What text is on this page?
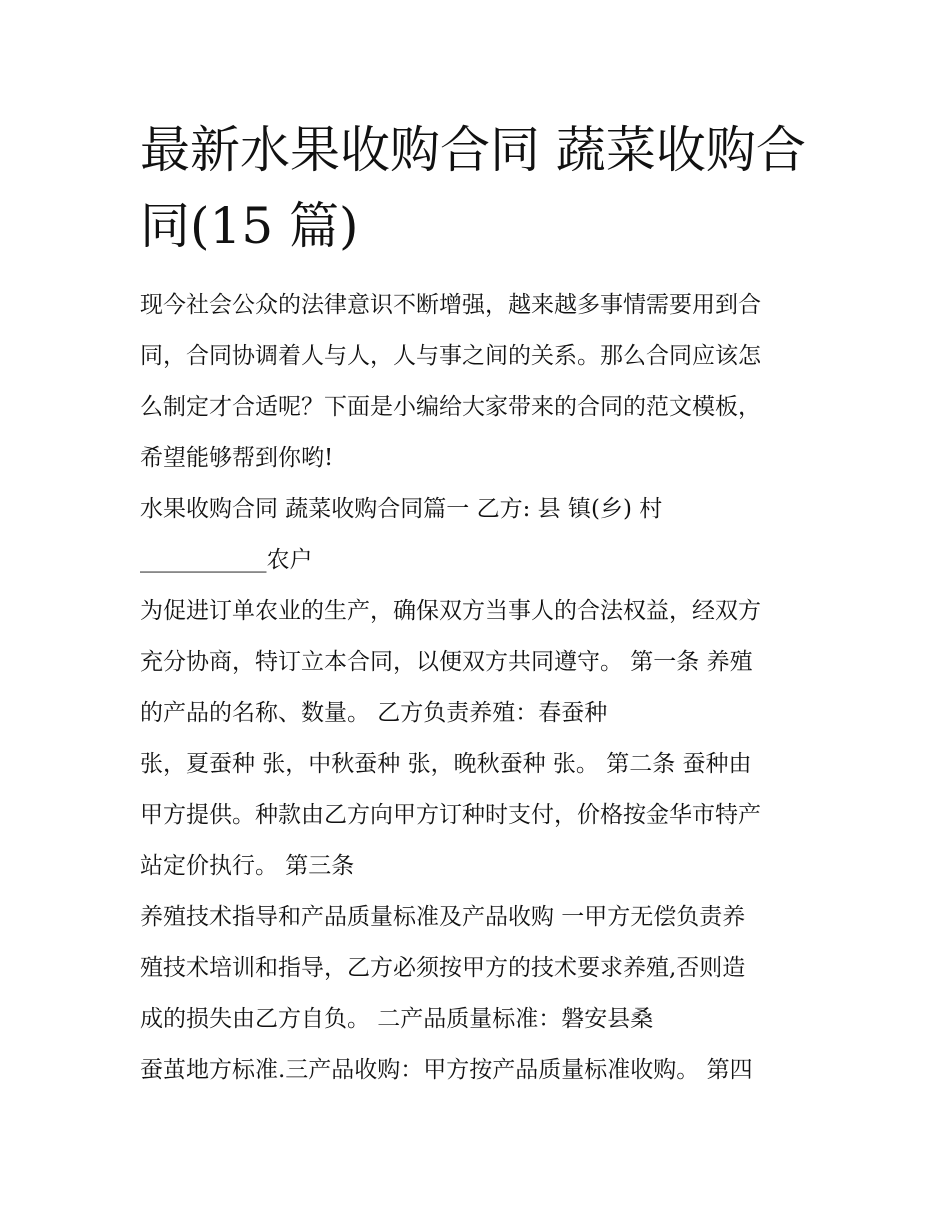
最新水果收购合同 蔬菜收购合
同(15 篇)
现今社会公众的法律意识不断增强，越来越多事情需要用到合
同，合同协调着人与人，人与事之间的关系。那么合同应该怎
么制定才合适呢？下面是小编给大家带来的合同的范文模板，
希望能够帮到你哟!
水果收购合同 蔬菜收购合同篇一 乙方: 县 镇(乡) 村
___________农户
为促进订单农业的生产，确保双方当事人的合法权益，经双方
充分协商，特订立本合同，以便双方共同遵守。 第一条 养殖
的产品的名称、数量。 乙方负责养殖：春蚕种
张，夏蚕种 张，中秋蚕种 张，晚秋蚕种 张。 第二条 蚕种由
甲方提供。种款由乙方向甲方订种时支付，价格按金华市特产
站定价执行。 第三条
养殖技术指导和产品质量标准及产品收购 一甲方无偿负责养
殖技术培训和指导，乙方必须按甲方的技术要求养殖,否则造
成的损失由乙方自负。 二产品质量标准：磐安县桑
蚕茧地方标准.三产品收购：甲方按产品质量标准收购。 第四
